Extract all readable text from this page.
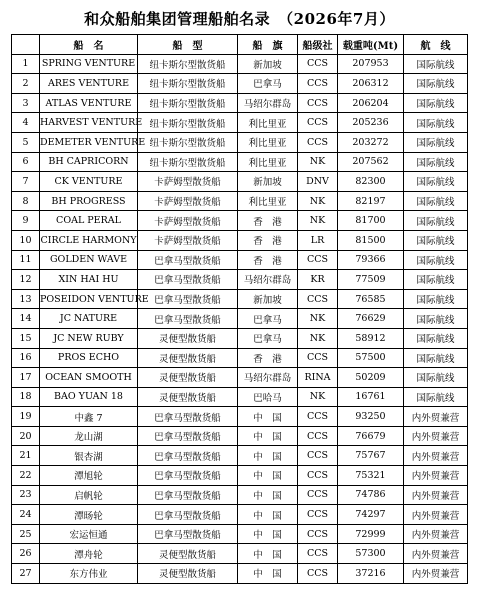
和众船舶集团管理船舶名录　（2026年7月）
	船　名	船　型	船　旗	船级社	载重吨(Mt)	航　线
1	SPRING VENTURE	纽卡斯尔型散货船	新加坡	CCS	207953	国际航线
2	ARES VENTURE	纽卡斯尔型散货船	巴拿马	CCS	206312	国际航线
3	ATLAS VENTURE	纽卡斯尔型散货船	马绍尔群岛	CCS	206204	国际航线
4	HARVEST VENTURE	纽卡斯尔型散货船	利比里亚	CCS	205236	国际航线
5	DEMETER VENTURE	纽卡斯尔型散货船	利比里亚	CCS	203272	国际航线
6	BH CAPRICORN	纽卡斯尔型散货船	利比里亚	NK	207562	国际航线
7	CK VENTURE	卡萨姆型散货船	新加坡	DNV	82300	国际航线
8	BH PROGRESS	卡萨姆型散货船	利比里亚	NK	82197	国际航线
9	COAL PERAL	卡萨姆型散货船	香　港	NK	81700	国际航线
10	CIRCLE HARMONY	卡萨姆型散货船	香　港	LR	81500	国际航线
11	GOLDEN WAVE	巴拿马型散货船	香　港	CCS	79366	国际航线
12	XIN HAI HU	巴拿马型散货船	马绍尔群岛	KR	77509	国际航线
13	POSEIDON VENTURE	巴拿马型散货船	新加坡	CCS	76585	国际航线
14	JC NATURE	巴拿马型散货船	巴拿马	NK	76629	国际航线
15	JC NEW RUBY	灵便型散货船	巴拿马	NK	58912	国际航线
16	PROS ECHO	灵便型散货船	香　港	CCS	57500	国际航线
17	OCEAN SMOOTH	灵便型散货船	马绍尔群岛	RINA	50209	国际航线
18	BAO YUAN 18	灵便型散货船	巴哈马	NK	16761	国际航线
19	中鑫 7	巴拿马型散货船	中　国	CCS	93250	内外贸兼营
20	龙山湖	巴拿马型散货船	中　国	CCS	76679	内外贸兼营
21	银杏湖	巴拿马型散货船	中　国	CCS	75767	内外贸兼营
22	潭旭轮	巴拿马型散货船	中　国	CCS	75321	内外贸兼营
23	启帆轮	巴拿马型散货船	中　国	CCS	74786	内外贸兼营
24	潭旸轮	巴拿马型散货船	中　国	CCS	74297	内外贸兼营
25	宏运恒通	巴拿马型散货船	中　国	CCS	72999	内外贸兼营
26	潭舟轮	灵便型散货船	中　国	CCS	57300	内外贸兼营
27	东方伟业	灵便型散货船	中　国	CCS	37216	内外贸兼营
